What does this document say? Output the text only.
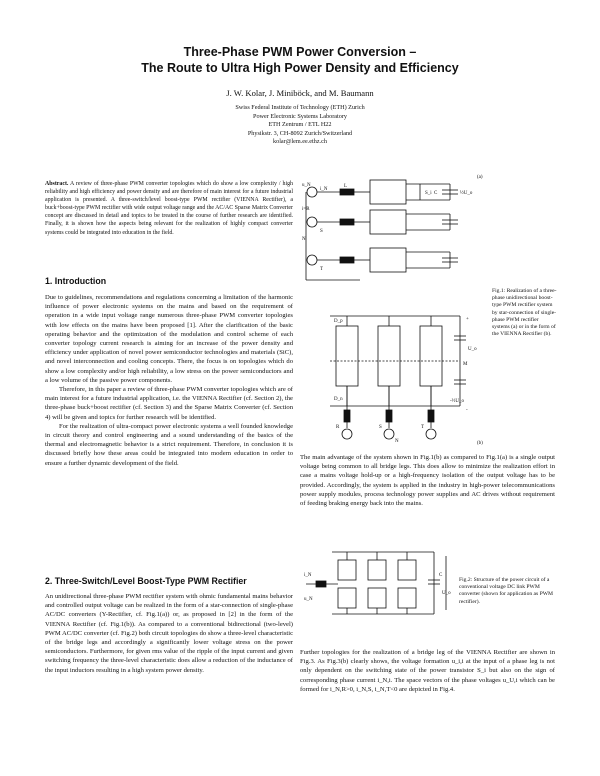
Three-Phase PWM Power Conversion –
The Route to Ultra High Power Density and Efficiency
J. W. Kolar, J. Miniböck, and M. Baumann
Swiss Federal Institute of Technology (ETH) Zurich
Power Electronic Systems Laboratory
ETH Zentrum / ETL H22
Physikstr. 3, CH-8092 Zurich/Switzerland
kolar@lem.ee.ethz.ch
Abstract. A review of three-phase PWM converter topologies which do show a low complexity / high reliability and high efficiency and power density and are therefore of main interest for a future industrial application is presented. A three-switch/level boost-type PWM rectifier (VIENNA Rectifier), a buck+boost-type PWM rectifier with wide output voltage range and the AC/AC Sparse Matrix Converter concept are discussed in detail and topics to be treated in the course of further research are identified. Finally, it is shown how the aspects being relevant for the realization of highly compact converter systems could be integrated into education in the field.
1. Introduction

Due to guidelines, recommendations and regulations concerning a limitation of the harmonic influence of power electronic systems on the mains and based on the requirement of operation in a wide input voltage range numerous three-phase PWM converter topologies with low effects on the mains have been proposed [1]. After the clarification of the basic operating behavior and the optimization of the modulation and control scheme of each converter topology current research is aiming for an increase of the power density and efficiency under application of novel power semiconductor technologies and materials (SiC), and novel interconnection and cooling concepts. There, the focus is on topologies which do show a low complexity and/or high reliability, a low stress on the power semiconductors and a low volume of the passive power components.

Therefore, in this paper a review of three-phase PWM converter topologies which are of main interest for a future industrial application, i.e. the VIENNA Rectifier (cf. Section 2), the three-phase buck+boost rectifier (cf. Section 3) and the Sparse Matrix Converter (cf. Section 4) will be given and topics for further research will be identified.

For the realization of ultra-compact power electronic systems a well founded knowledge in circuit theory and control engineering and a sound understanding of the basics of the thermal and electromagnetic behavior is a strict requirement. Therefore, in conclusion it is discussed briefly how these areas could be integrated into modern education in order to ensure a further dynamic development of the field.

2. Three-Switch/Level Boost-Type PWM Rectifier

An unidirectional three-phase PWM rectifier system with ohmic fundamental mains behavior and controlled output voltage can be realized in the form of a star-connection of single-phase AC/DC converters (Y-Rectifier, cf. Fig.1(a)) or, as proposed in [2] in the form of the VIENNA Rectifier (cf. Fig.1(b)). As compared to a conventional bidirectional (two-level) PWM AC/DC converter (cf. Fig.2) both circuit topologies do show a three-level characteristic of the bridge legs and accordingly a significantly lower voltage stress on the power semiconductors. Furthermore, for given rms value of the ripple of the input current and given switching frequency the three-level characteristic does allow a reduction of the inductance of the input inductors resulting in a high system power density.

(a)
(b)
u_N
i_N
i=R
L
S
T
N
S_i C	½U_o
D_p
D_n
+
-
M
U_o
-½U_o
R	S	T
N
Fig.1: Realization of a three-phase unidirectional boost-type PWM rectifier system by star-connection of single-phase PWM rectifier systems (a) or in the form of the VIENNA Rectifier (b).

The main advantage of the system shown in Fig.1(b) as compared to Fig.1(a) is a single output voltage being common to all bridge legs. This does allow to minimize the realization effort in case a mains voltage hold-up or a high-frequency isolation of the output voltage has to be provided. Accordingly, the system is applied in the industry in high-power telecommunications power supply modules, process technology power supplies and AC drives without requirement of feeding braking energy back into the mains.

i_N
u_N
C
U_o
Fig.2: Structure of the power circuit of a conventional voltage DC link PWM converter (shown for application as PWM rectifier).

Further topologies for the realization of a bridge leg of the VIENNA Rectifier are shown in Fig.3. As Fig.3(b) clearly shows, the voltage formation u_i,i at the input of a phase leg is not only dependent on the switching state of the power transistor S_i but also on the sign of corresponding phase current i_N,i. The space vectors of the phase voltages u_U,i which can be formed for i_N,R>0, i_N,S, i_N,T<0 are depicted in Fig.4.
